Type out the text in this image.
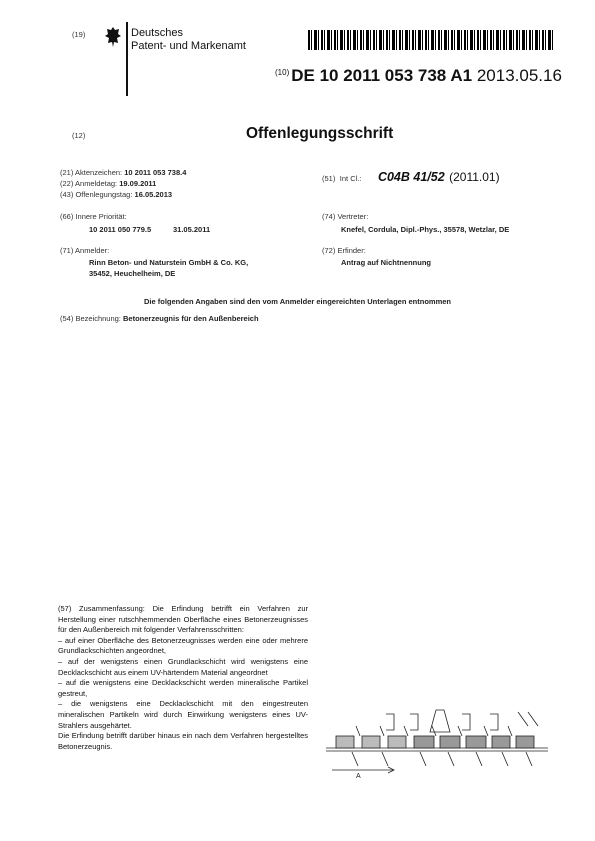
(19)	Deutsches
Patent- und Markenamt
$^{(10)}$ DE 10 2011 053 738 A1 2013.05.16
(12)	Offenlegungsschrift
(21) Aktenzeichen: 10 2011 053 738.4
(22) Anmeldetag: 19.09.2011
(43) Offenlegungstag: 16.05.2013
(51) Int Cl.: C04B 41/52 (2011.01)
(66) Innere Priorität:
10 2011 050 779.5	31.05.2011
(74) Vertreter:
Knefel, Cordula, Dipl.-Phys., 35578, Wetzlar, DE
(71) Anmelder:
Rinn Beton- und Naturstein GmbH & Co. KG,
35452, Heuchelheim, DE
(72) Erfinder:
Antrag auf Nichtnennung
Die folgenden Angaben sind den vom Anmelder eingereichten Unterlagen entnommen
(54) Bezeichnung: Betonerzeugnis für den Außenbereich

(57) Zusammenfassung: Die Erfindung betrifft ein Verfahren zur Herstellung einer rutschhemmenden Oberfläche eines Betonerzeugnisses für den Außenbereich mit folgender Verfahrensschritten:

– auf einer Oberfläche des Betonerzeugnisses werden eine oder mehrere Grundlackschichten angeordnet,

– auf der wenigstens einen Grundlackschicht wird wenigstens eine Decklackschicht aus einem UV-härtendem Material angeordnet

– auf die wenigstens eine Decklackschicht werden mineralische Partikel gestreut,

– die wenigstens eine Decklackschicht mit den eingestreuten mineralischen Partikeln wird durch Einwirkung wenigstens eines UV-Strahlers ausgehärtet.

Die Erfindung betrifft darüber hinaus ein nach dem Verfahren hergestelltes Betonerzeugnis.

A
